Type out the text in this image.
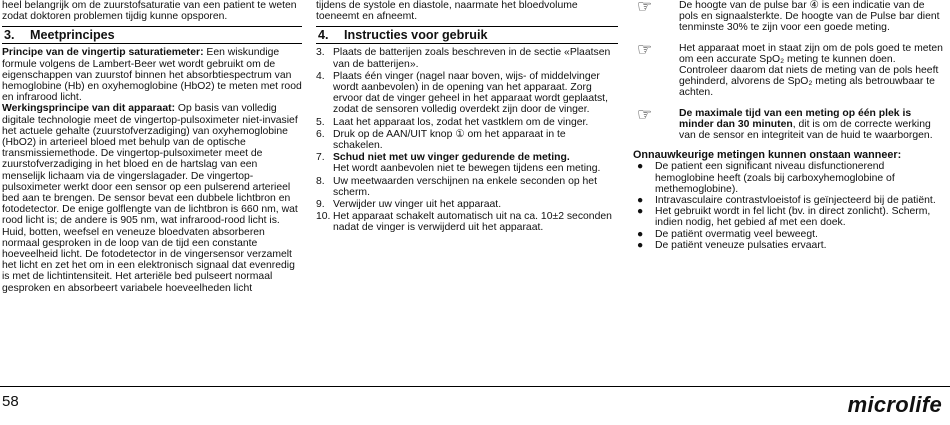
heel belangrijk om de zuurstofsaturatie van een patient te weten zodat doktoren problemen tijdig kunne opsporen.

3.	Meetprincipes

Principe van de vingertip saturatiemeter: Een wiskundige formule volgens de Lambert-Beer wet wordt gebruikt om de eigenschappen van zuurstof binnen het absorbtiespectrum van hemoglobine (Hb) en oxyhemoglobine (HbO2) te meten met rood en infrarood licht.

Werkingsprincipe van dit apparaat: Op basis van volledig digitale technologie meet de vingertop-pulsoximeter niet-invasief het actuele gehalte (zuurstofverzadiging) van oxyhemoglobine (HbO2) in arterieel bloed met behulp van de optische transmissiemethode. De vingertop-pulsoximeter meet de zuurstofverzadiging in het bloed en de hartslag van een menselijk lichaam via de vingerslagader. De vingertop-pulsoximeter werkt door een sensor op een pulserend arterieel bed aan te brengen. De sensor bevat een dubbele lichtbron en fotodetector. De enige golflengte van de lichtbron is 660 nm, wat rood licht is; de andere is 905 nm, wat infrarood-rood licht is. Huid, botten, weefsel en veneuze bloedvaten absorberen normaal gesproken in de loop van de tijd een constante hoeveelheid licht. De fotodetector in de vingersensor verzamelt het licht en zet het om in een elektronisch signaal dat evenredig is met de lichtintensiteit. Het arteriële bed pulseert normaal gesproken en absorbeert variabele hoeveelheden licht

tijdens de systole en diastole, naarmate het bloedvolume toeneemt en afneemt.

4.	Instructies voor gebruik
3. Plaats de batterijen zoals beschreven in de sectie «Plaatsen van de batterijen».
4. Plaats één vinger (nagel naar boven, wijs- of middelvinger wordt aanbevolen) in de opening van het apparaat. Zorg ervoor dat de vinger geheel in het apparaat wordt geplaatst, zodat de sensoren volledig overdekt zijn door de vinger.
5. Laat het apparaat los, zodat het vastklem om de vinger.
6. Druk op de AAN/UIT knop ① om het apparaat in te schakelen.
7. Schud niet met uw vinger gedurende de meting.
Het wordt aanbevolen niet te bewegen tijdens een meting.
8. Uw meetwaarden verschijnen na enkele seconden op het scherm.
9. Verwijder uw vinger uit het apparaat.
10. Het apparaat schakelt automatisch uit na ca. 10±2 seconden nadat de vinger is verwijderd uit het apparaat.
☞	De hoogte van de pulse bar ④ is een indicatie van de pols en signaalsterkte. De hoogte van de Pulse bar dient tenminste 30% te zijn voor een goede meting.
☞	Het apparaat moet in staat zijn om de pols goed te meten om een accurate SpO₂ meting te kunnen doen. Controleer daarom dat niets de meting van de pols heeft gehinderd, alvorens de SpO₂ meting als betrouwbaar te achten.
☞	De maximale tijd van een meting op één plek is minder dan 30 minuten, dit is om de correcte werking van de sensor en integriteit van de huid te waarborgen.

Onnauwkeurige metingen kunnen onstaan wanneer:

●	De patient een significant niveau disfunctionerend hemoglobine heeft (zoals bij carboxyhemoglobine of methemoglobine).
●	Intravasculaire contrastvloeistof is geïnjecteerd bij de patiënt.
●	Het gebruikt wordt in fel licht (bv. in direct zonlicht). Scherm, indien nodig, het gebied af met een doek.
●	De patiënt overmatig veel beweegt.
●	De patiënt veneuze pulsaties ervaart.
58	microlife
